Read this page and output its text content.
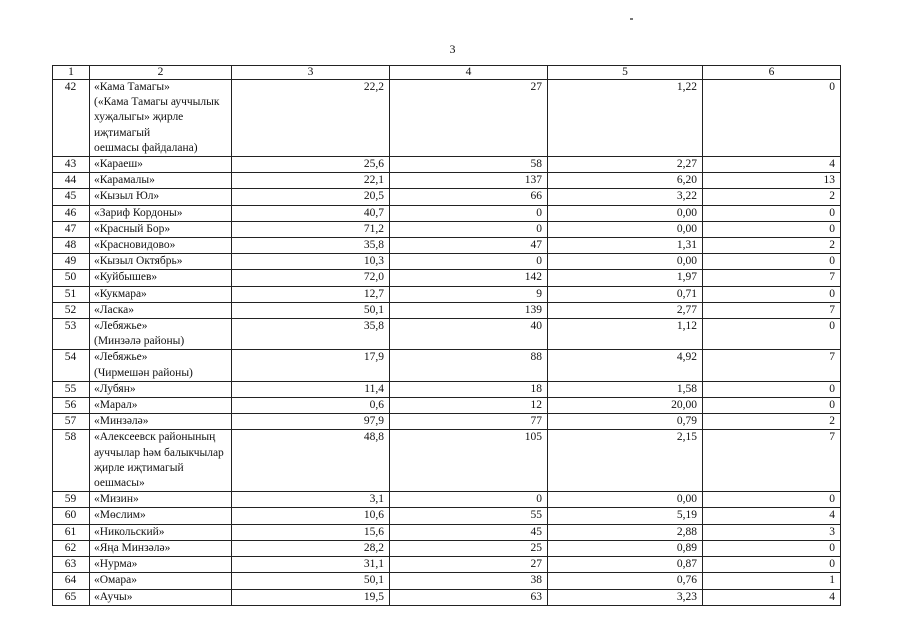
3
1	2	3	4	5	6
42	«Кама Тамагы»
(«Кама Тамагы ауччылык
хуҗалыгы» җирле
иҗтимагый
оешмасы файдалана)	22,2	27	1,22	0
43	«Караеш»	25,6	58	2,27	4
44	«Карамалы»	22,1	137	6,20	13
45	«Кызыл Юл»	20,5	66	3,22	2
46	«Зариф Кордоны»	40,7	0	0,00	0
47	«Красный Бор»	71,2	0	0,00	0
48	«Красновидово»	35,8	47	1,31	2
49	«Кызыл Октябрь»	10,3	0	0,00	0
50	«Куйбышев»	72,0	142	1,97	7
51	«Кукмара»	12,7	9	0,71	0
52	«Ласка»	50,1	139	2,77	7
53	«Лебяжье»
(Минзәлә районы)	35,8	40	1,12	0
54	«Лебяжье»
(Чирмешән районы)	17,9	88	4,92	7
55	«Лубян»	11,4	18	1,58	0
56	«Марал»	0,6	12	20,00	0
57	«Минзәлә»	97,9	77	0,79	2
58	«Алексеевск районының
ауччылар һәм балыкчылар
җирле иҗтимагый
оешмасы»	48,8	105	2,15	7
59	«Мизин»	3,1	0	0,00	0
60	«Мөслим»	10,6	55	5,19	4
61	«Никольский»	15,6	45	2,88	3
62	«Яңа Минзәлә»	28,2	25	0,89	0
63	«Нурма»	31,1	27	0,87	0
64	«Омара»	50,1	38	0,76	1
65	«Аучы»	19,5	63	3,23	4
